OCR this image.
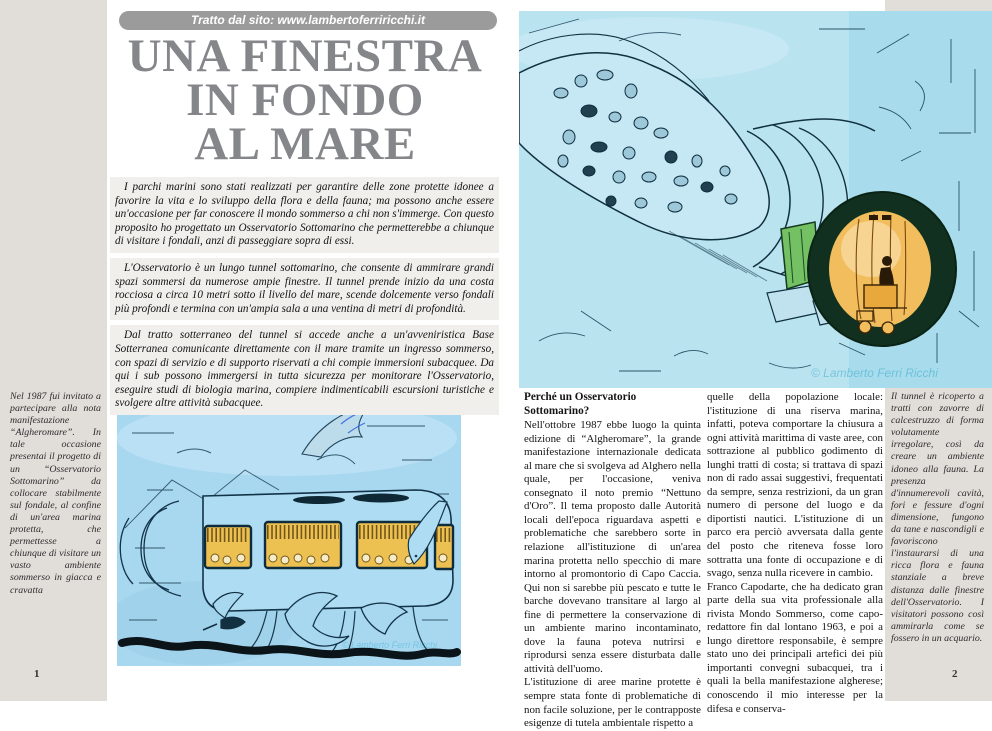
Tratto dal sito: www.lambertoferriricchi.it
UNA FINESTRA
IN FONDO
AL MARE

I parchi marini sono stati realizzati per garantire delle zone protette idonee a favorire la vita e lo sviluppo della flora e della fauna; ma possono anche essere un'occasione per far conoscere il mondo sommerso a chi non s'immerge. Con questo proposito ho progettato un Osservatorio Sottomarino che permetterebbe a chiunque di visitare i fondali, anzi di passeggiare sopra di essi.

L'Osservatorio è un lungo tunnel sottomarino, che consente di ammirare grandi spazi sommersi da numerose ampie finestre. Il tunnel prende inizio da una costa rocciosa a circa 10 metri sotto il livello del mare, scende dolcemente verso fondali più profondi e termina con un'ampia sala a una ventina di metri di profondità.

Dal tratto sotterraneo del tunnel si accede anche a un'avveniristica Base Sotterranea comunicante direttamente con il mare tramite un ingresso sommerso, con spazi di servizio e di supporto riservati a chi compie immersioni subacquee. Da qui i sub possono immergersi in tutta sicurezza per monitorare l'Osservatorio, eseguire studi di biologia marina, compiere indimenticabili escursioni turistiche e svolgere altre attività subacquee.

Nel 1987 fui invitato a partecipare alla nota manifestazione “Algheromare”. In tale occasione presentai il progetto di un “Osservatorio Sottomarino” da collocare stabilmente sul fondale, al confine di un'area marina protetta, che permettesse a chiunque di visitare un vasto ambiente sommerso in giacca e cravatta
© Lamberto Ferri Ricchi
© Lamberto Ferri Ricchi

Perché un Osservatorio Sottomarino?

Nell'ottobre 1987 ebbe luogo la quinta edizione di “Algheromare”, la grande manifestazione internazionale dedicata al mare che si svolgeva ad Alghero nella quale, per l'occasione, veniva consegnato il noto premio “Nettuno d'Oro”. Il tema proposto dalle Autorità locali dell'epoca riguardava aspetti e problematiche che sarebbero sorte in relazione all'istituzione di un'area marina protetta nello specchio di mare intorno al promontorio di Capo Caccia. Qui non si sarebbe più pescato e tutte le barche dovevano transitare al largo al fine di permettere la conservazione di un ambiente marino incontaminato, dove la fauna poteva nutrirsi e riprodursi senza essere disturbata dalle attività dell'uomo.

L'istituzione di aree marine protette è sempre stata fonte di problematiche di non facile soluzione, per le contrapposte esigenze di tutela ambientale rispetto a

quelle della popolazione locale: l'istituzione di una riserva marina, infatti, poteva comportare la chiusura a ogni attività marittima di vaste aree, con sottrazione al pubblico godimento di lunghi tratti di costa; si trattava di spazi non di rado assai suggestivi, frequentati da sempre, senza restrizioni, da un gran numero di persone del luogo e da diportisti nautici. L'istituzione di un parco era perciò avversata dalla gente del posto che riteneva fosse loro sottratta una fonte di occupazione e di svago, senza nulla ricevere in cambio.

Franco Capodarte, che ha dedicato gran parte della sua vita professionale alla rivista Mondo Sommerso, come capo-redattore fin dal lontano 1963, e poi a lungo direttore responsabile, è sempre stato uno dei principali artefici dei più importanti convegni subacquei, tra i quali la bella manifestazione algherese; conoscendo il mio interesse per la difesa e conserva-

Il tunnel è ricoperto a tratti con zavorre di calcestruzzo di forma volutamente irregolare, così da creare un ambiente idoneo alla fauna. La presenza d'innumerevoli cavità, fori e fessure d'ogni dimensione, fungono da tane e nascondigli e favoriscono l'instaurarsi di una ricca flora e fauna stanziale a breve distanza dalle finestre dell'Osservatorio. I visitatori possono così ammirarla come se fossero in un acquario.
1	2
